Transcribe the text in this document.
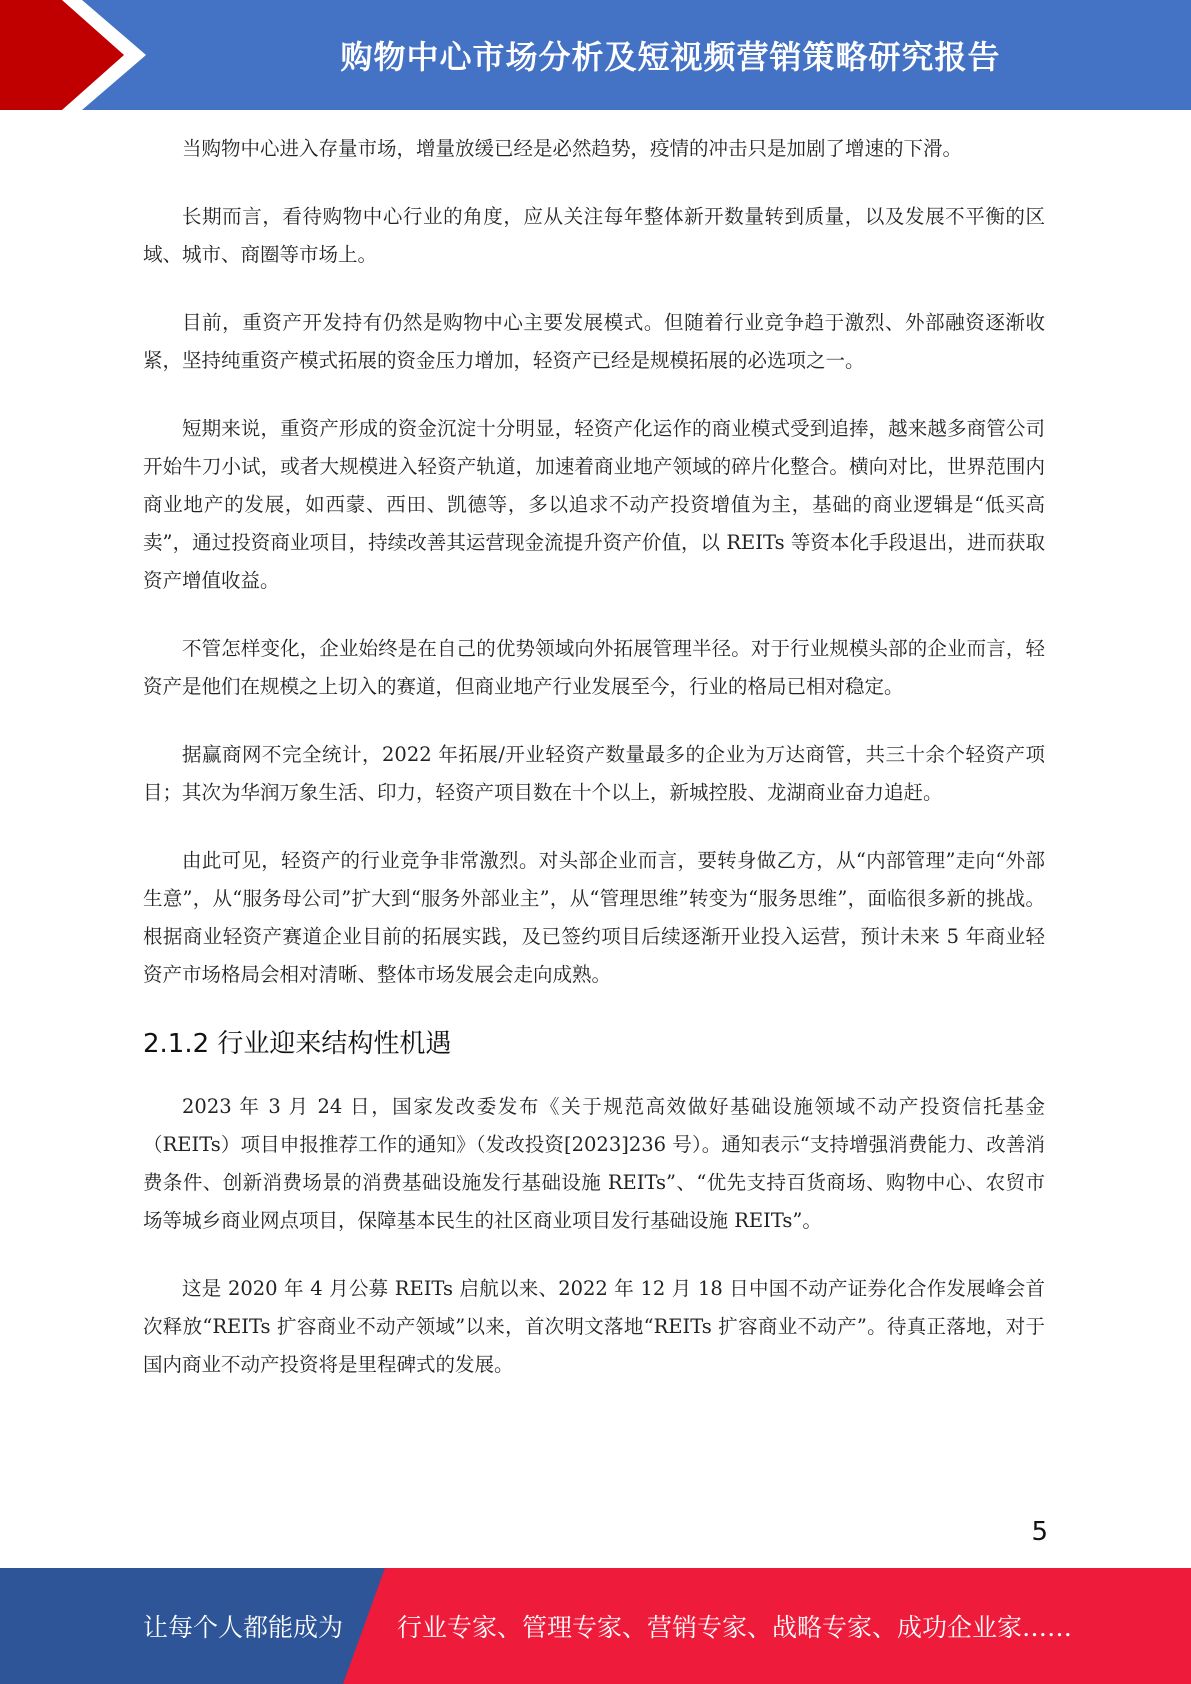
购物中心市场分析及短视频营销策略研究报告

当购物中心进入存量市场，增量放缓已经是必然趋势，疫情的冲击只是加剧了增速的下滑。

长期而言，看待购物中心行业的角度，应从关注每年整体新开数量转到质量，以及发展不平衡的区域、城市、商圈等市场上。

目前，重资产开发持有仍然是购物中心主要发展模式。但随着行业竞争趋于激烈、外部融资逐渐收紧，坚持纯重资产模式拓展的资金压力增加，轻资产已经是规模拓展的必选项之一。

短期来说，重资产形成的资金沉淀十分明显，轻资产化运作的商业模式受到追捧，越来越多商管公司开始牛刀小试，或者大规模进入轻资产轨道，加速着商业地产领域的碎片化整合。横向对比，世界范围内商业地产的发展，如西蒙、西田、凯德等，多以追求不动产投资增值为主，基础的商业逻辑是“低买高卖”，通过投资商业项目，持续改善其运营现金流提升资产价值，以 REITs 等资本化手段退出，进而获取资产增值收益。

不管怎样变化，企业始终是在自己的优势领域向外拓展管理半径。对于行业规模头部的企业而言，轻资产是他们在规模之上切入的赛道，但商业地产行业发展至今，行业的格局已相对稳定。

据赢商网不完全统计，2022 年拓展/开业轻资产数量最多的企业为万达商管，共三十余个轻资产项目；其次为华润万象生活、印力，轻资产项目数在十个以上，新城控股、龙湖商业奋力追赶。

由此可见，轻资产的行业竞争非常激烈。对头部企业而言，要转身做乙方，从“内部管理”走向“外部生意”，从“服务母公司”扩大到“服务外部业主”，从“管理思维”转变为“服务思维”，面临很多新的挑战。根据商业轻资产赛道企业目前的拓展实践，及已签约项目后续逐渐开业投入运营，预计未来 5 年商业轻资产市场格局会相对清晰、整体市场发展会走向成熟。

2.1.2 行业迎来结构性机遇

2023 年 3 月 24 日，国家发改委发布《关于规范高效做好基础设施领域不动产投资信托基金（REITs）项目申报推荐工作的通知》（发改投资[2023]236 号）。通知表示“支持增强消费能力、改善消费条件、创新消费场景的消费基础设施发行基础设施 REITs”、“优先支持百货商场、购物中心、农贸市场等城乡商业网点项目，保障基本民生的社区商业项目发行基础设施 REITs”。

这是 2020 年 4 月公募 REITs 启航以来、2022 年 12 月 18 日中国不动产证券化合作发展峰会首次释放“REITs 扩容商业不动产领域”以来，首次明文落地“REITs 扩容商业不动产”。待真正落地，对于国内商业不动产投资将是里程碑式的发展。

5
让每个人都能成为 行业专家、管理专家、营销专家、战略专家、成功企业家……
